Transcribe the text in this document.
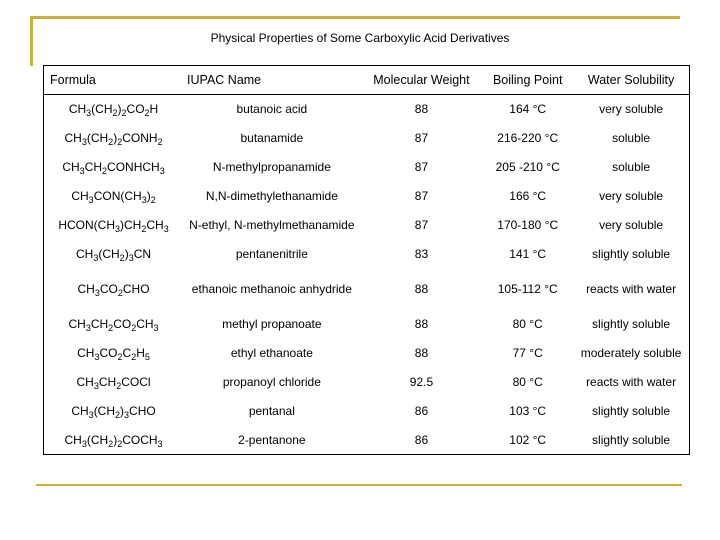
Physical Properties of Some Carboxylic Acid Derivatives
Formula	IUPAC Name	Molecular Weight	Boiling Point	Water Solubility
$CH_3(CH_2)_2CO_2H$	butanoic acid	88	164 °C	very soluble
$CH_3(CH_2)_2CONH_2$	butanamide	87	216-220 °C	soluble
$CH_3CH_2CONHCH_3$	N-methylpropanamide	87	205 -210 °C	soluble
$CH_3CON(CH_3)_2$	N,N-dimethylethanamide	87	166 °C	very soluble
$HCON(CH_3)CH_2CH_3$	N-ethyl, N-methylmethanamide	87	170-180 °C	very soluble
$CH_3(CH_2)_3CN$	pentanenitrile	83	141 °C	slightly soluble
$CH_3CO_2CHO$	ethanoic methanoic anhydride	88	105-112 °C	reacts with water
$CH_3CH_2CO_2CH_3$	methyl propanoate	88	80 °C	slightly soluble
$CH_3CO_2C_2H_5$	ethyl ethanoate	88	77 °C	moderately soluble
$CH_3CH_2COCl$	propanoyl chloride	92.5	80 °C	reacts with water
$CH_3(CH_2)_3CHO$	pentanal	86	103 °C	slightly soluble
$CH_3(CH_2)_2COCH_3$	2-pentanone	86	102 °C	slightly soluble
